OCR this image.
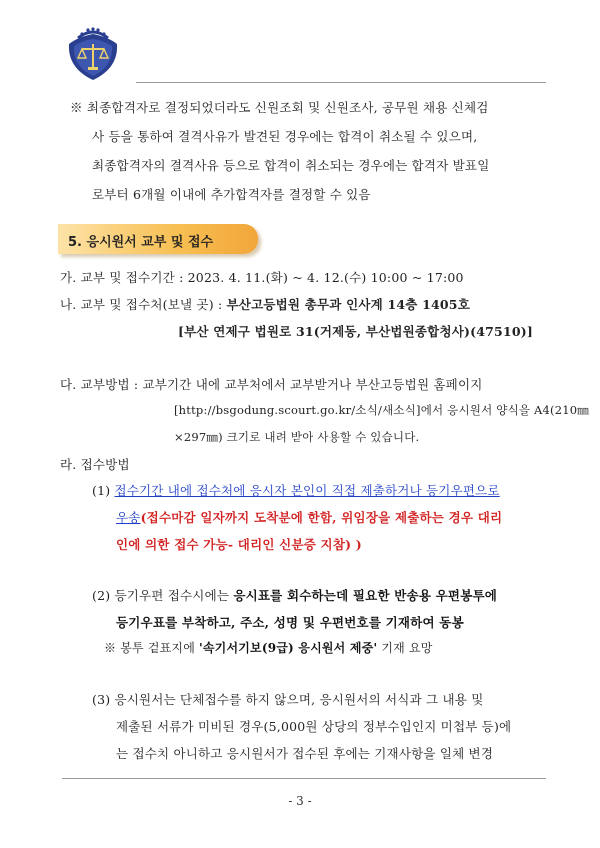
※ 최종합격자로 결정되었더라도 신원조회 및 신원조사, 공무원 채용 신체검
사 등을 통하여 결격사유가 발견된 경우에는 합격이 취소될 수 있으며,
최종합격자의 결격사유 등으로 합격이 취소되는 경우에는 합격자 발표일
로부터 6개월 이내에 추가합격자를 결정할 수 있음
5. 응시원서 교부 및 접수
가. 교부 및 접수기간 : 2023. 4. 11.(화) ~ 4. 12.(수) 10:00 ~ 17:00
나. 교부 및 접수처(보낼 곳) : 부산고등법원 총무과 인사계 14층 1405호
[부산 연제구 법원로 31(거제동, 부산법원종합청사)(47510)]
다. 교부방법 : 교부기간 내에 교부처에서 교부받거나 부산고등법원 홈페이지
[http://bsgodung.scourt.go.kr/소식/새소식]에서 응시원서 양식을 A4(210㎜
×297㎜) 크기로 내려 받아 사용할 수 있습니다.
라. 접수방법
(1) 접수기간 내에 접수처에 응시자 본인이 직접 제출하거나 등기우편으로
우송(접수마감 일자까지 도착분에 한함, 위임장을 제출하는 경우 대리
인에 의한 접수 가능- 대리인 신분증 지참) )
(2) 등기우편 접수시에는 응시표를 회수하는데 필요한 반송용 우편봉투에
등기우표를 부착하고, 주소, 성명 및 우편번호를 기재하여 동봉
※ 봉투 겉표지에 '속기서기보(9급) 응시원서 제중' 기재 요망
(3) 응시원서는 단체접수를 하지 않으며, 응시원서의 서식과 그 내용 및
제출된 서류가 미비된 경우(5,000원 상당의 정부수입인지 미첩부 등)에
는 접수치 아니하고 응시원서가 접수된 후에는 기재사항을 일체 변경
- 3 -
